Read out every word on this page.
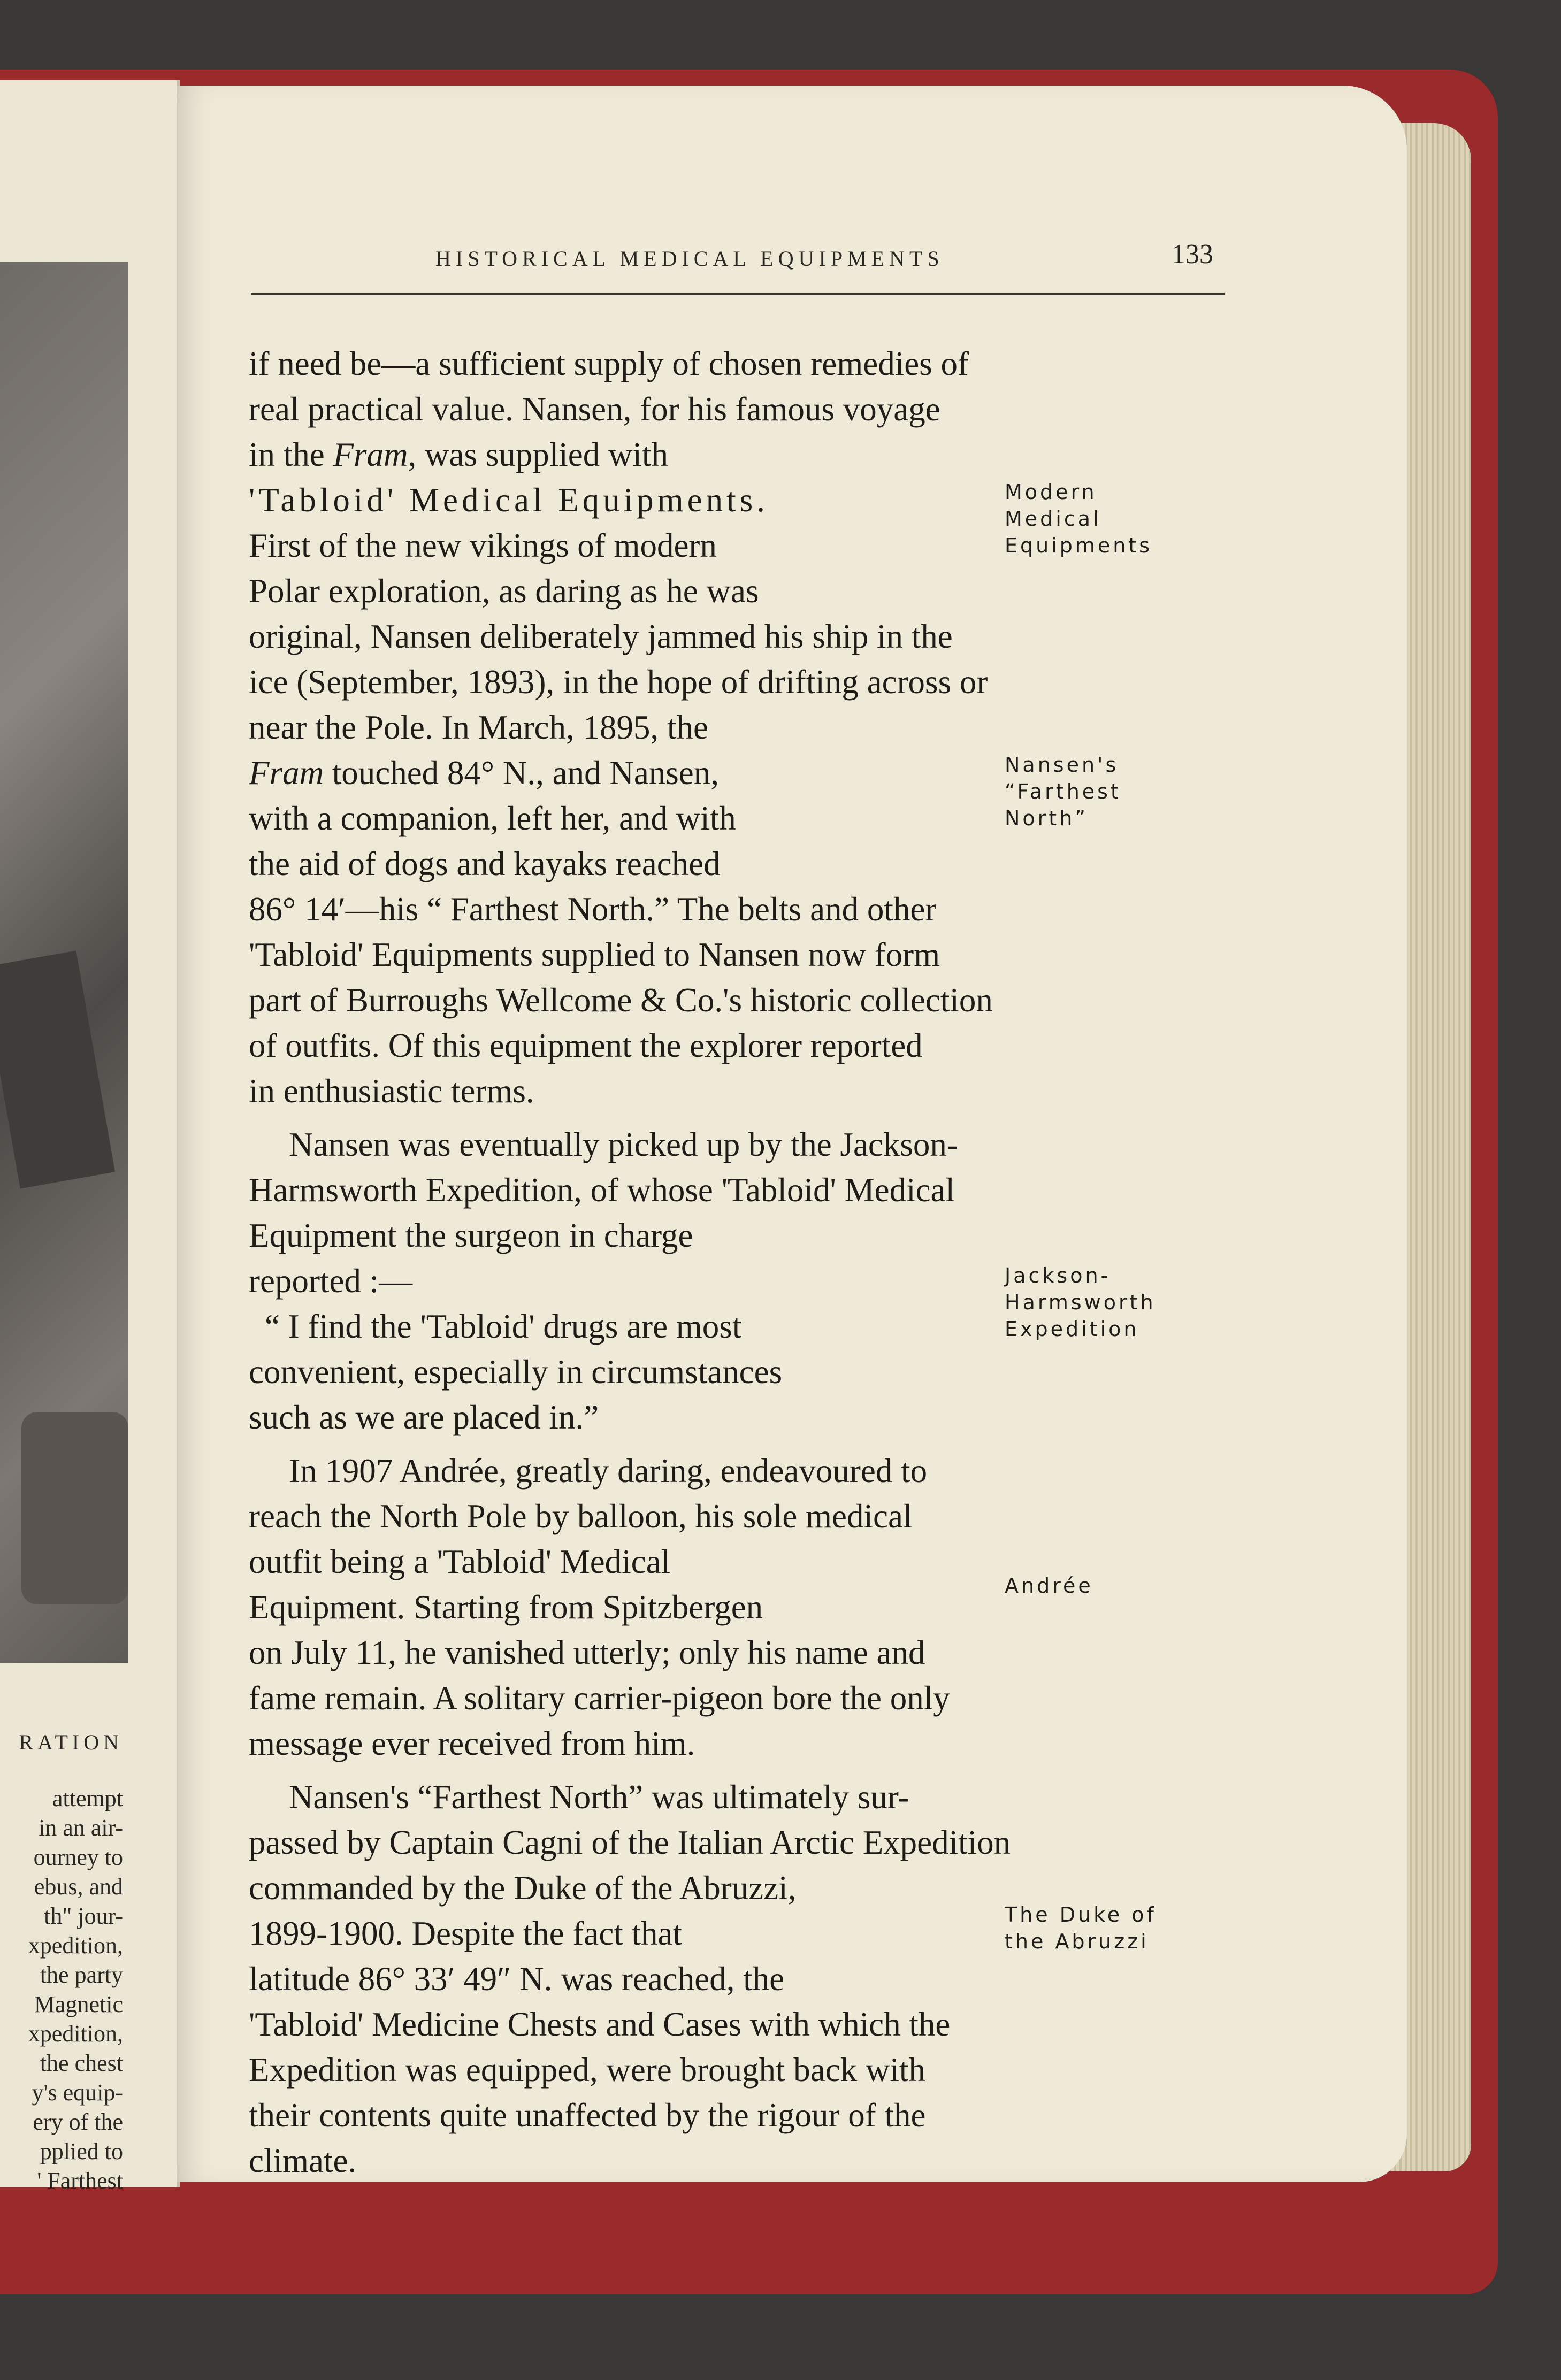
RATION
attempt
in an air-
ourney to
ebus, and
th" jour-
xpedition,
the party
Magnetic
xpedition,
the chest
y's equip-
ery of the
pplied to
' Farthest
HISTORICAL MEDICAL EQUIPMENTS	133
if need be—a sufficient supply of chosen remedies of
real practical value. Nansen, for his famous voyage
in the Fram, was supplied with
'Tabloid' Medical Equipments.
First of the new vikings of modern
Polar exploration, as daring as he was
original, Nansen deliberately jammed his ship in the
ice (September, 1893), in the hope of drifting across or
near the Pole. In March, 1895, the
Fram touched 84° N., and Nansen,
with a companion, left her, and with
the aid of dogs and kayaks reached
86° 14′—his “ Farthest North.” The belts and other
'Tabloid' Equipments supplied to Nansen now form
part of Burroughs Wellcome & Co.'s historic collection
of outfits. Of this equipment the explorer reported
in enthusiastic terms.
Nansen was eventually picked up by the Jackson-
Harmsworth Expedition, of whose 'Tabloid' Medical
Equipment the surgeon in charge
reported :—
“ I find the 'Tabloid' drugs are most
convenient, especially in circumstances
such as we are placed in.”
In 1907 Andrée, greatly daring, endeavoured to
reach the North Pole by balloon, his sole medical
outfit being a 'Tabloid' Medical
Equipment. Starting from Spitzbergen
on July 11, he vanished utterly; only his name and
fame remain. A solitary carrier-pigeon bore the only
message ever received from him.
Nansen's “Farthest North” was ultimately sur-
passed by Captain Cagni of the Italian Arctic Expedition
commanded by the Duke of the Abruzzi,
1899-1900. Despite the fact that
latitude 86° 33′ 49″ N. was reached, the
'Tabloid' Medicine Chests and Cases with which the
Expedition was equipped, were brought back with
their contents quite unaffected by the rigour of the
climate.
Modern
Medical
Equipments
Nansen's
“Farthest
North”
Jackson-
Harmsworth
Expedition
Andrée
The Duke of
the Abruzzi
